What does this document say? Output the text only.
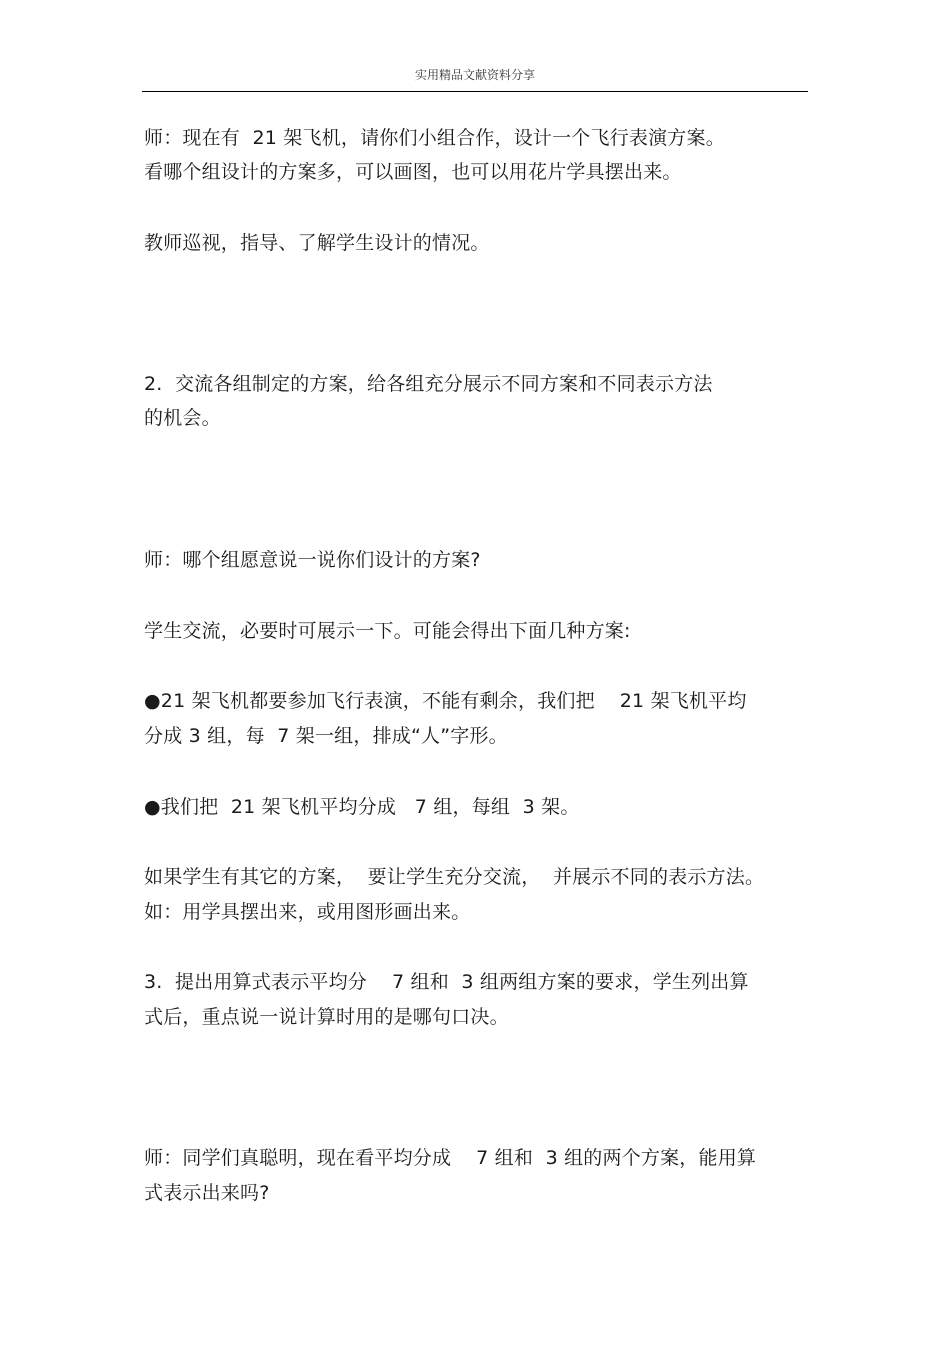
实用精品文献资料分享
师：现在有  21 架飞机，请你们小组合作，设计一个飞行表演方案。
看哪个组设计的方案多，可以画图，也可以用花片学具摆出来。
教师巡视，指导、了解学生设计的情况。
2.  交流各组制定的方案，给各组充分展示不同方案和不同表示方法
的机会。
师：哪个组愿意说一说你们设计的方案?
学生交流，必要时可展示一下。可能会得出下面几种方案:
●21 架飞机都要参加飞行表演，不能有剩余，我们把    21 架飞机平均
分成 3 组，每  7 架一组，排成“人”字形。
●我们把  21 架飞机平均分成   7 组，每组  3 架。
如果学生有其它的方案，  要让学生充分交流，  并展示不同的表示方法。
如：用学具摆出来，或用图形画出来。
3.  提出用算式表示平均分    7 组和  3 组两组方案的要求，学生列出算
式后，重点说一说计算时用的是哪句口决。
师：同学们真聪明，现在看平均分成    7 组和  3 组的两个方案，能用算
式表示出来吗?
